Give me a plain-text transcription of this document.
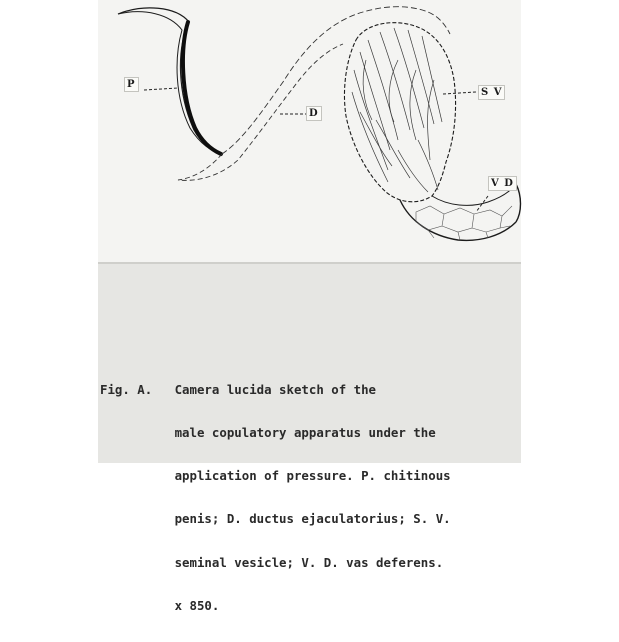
P
D
S V
V D

Fig. A.   Camera lucida sketch of the

male copulatory apparatus under the

application of pressure. P. chitinous

penis; D. ductus ejaculatorius; S. V.

seminal vesicle; V. D. vas deferens.

x 850.
